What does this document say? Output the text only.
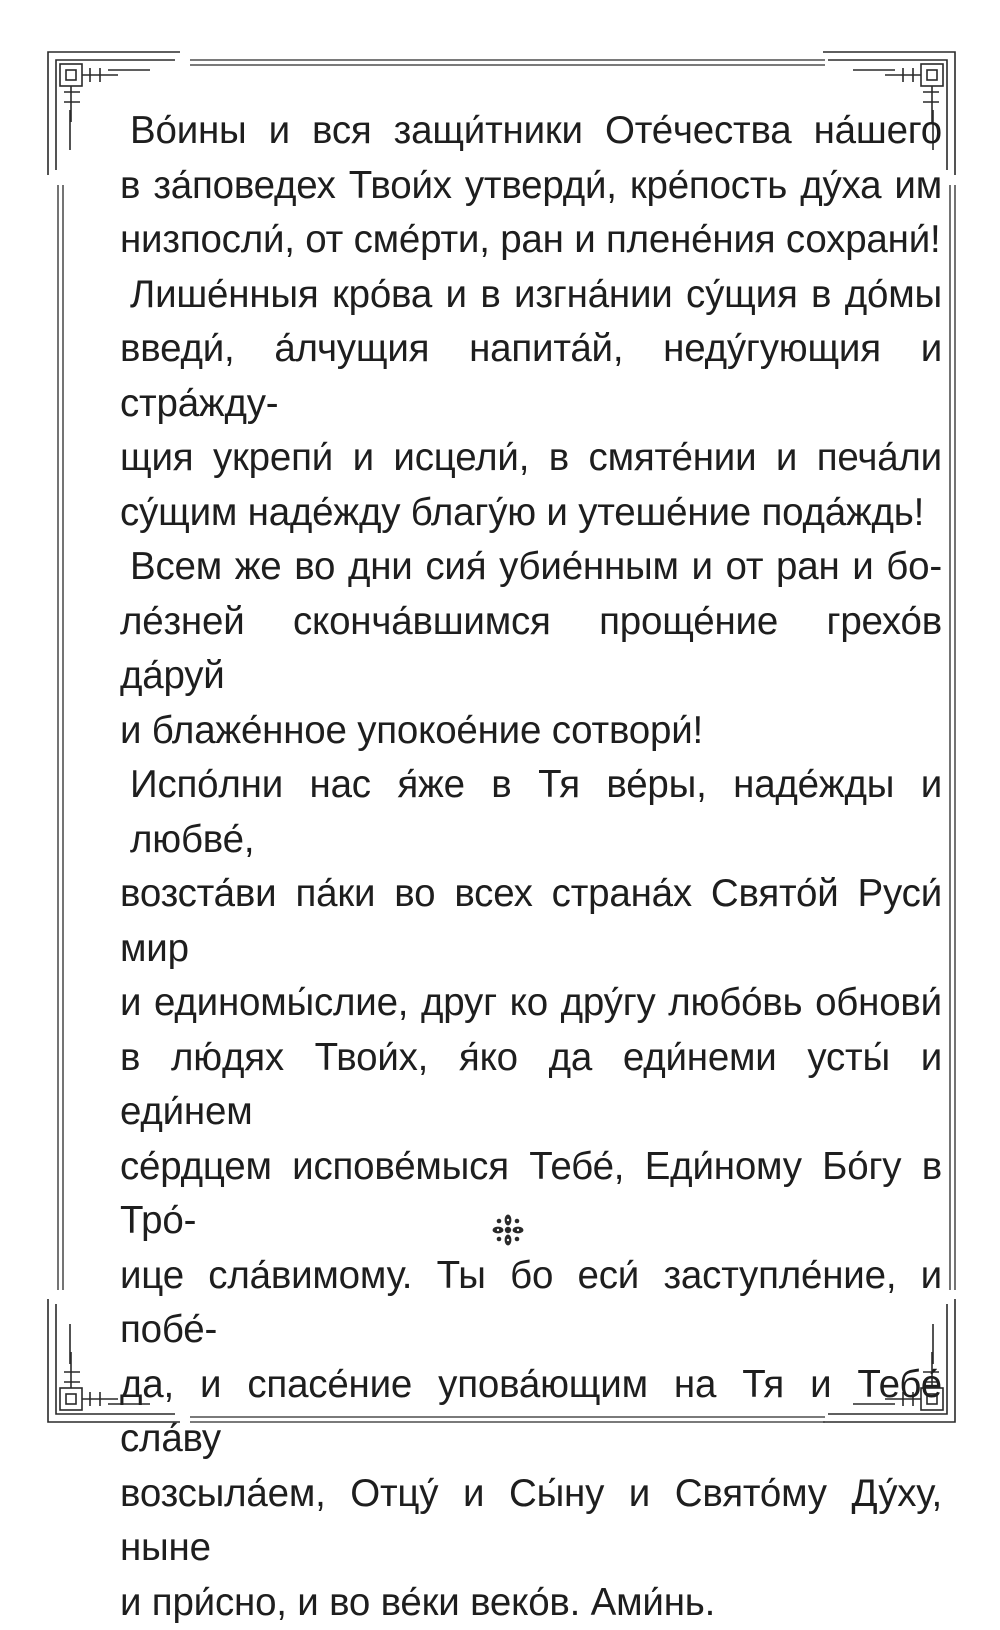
Во́ины и вся защи́тники Оте́чества на́шего
в за́поведех Твои́х утверди́, кре́пость ду́ха им
низпосли́, от сме́рти, ран и плене́ния сохрани́!
Лише́нныя кро́ва и в изгна́нии су́щия в до́мы
введи́, а́лчущия напита́й, неду́гующия и стра́жду-
щия укрепи́ и исцели́, в смяте́нии и печа́ли
су́щим наде́жду благу́ю и утеше́ние пода́ждь!
Всем же во дни сия́ убие́нным и от ран и бо-
ле́зней сконча́вшимся проще́ние грехо́в да́руй
и блаже́нное упокое́ние сотвори́!
Испо́лни нас я́же в Тя ве́ры, наде́жды и любве́,
возста́ви па́ки во всех страна́х Свято́й Руси́ мир
и единомы́слие, друг ко дру́гу любо́вь обнови́
в лю́дях Твои́х, я́ко да еди́неми усты́ и еди́нем
се́рдцем испове́мыся Тебе́, Еди́ному Бо́гу в Тро́-
ице сла́вимому. Ты бо еси́ заступле́ние, и побе́-
да, и спасе́ние упова́ющим на Тя и Тебе́ сла́ву
возсыла́ем, Отцу́ и Сы́ну и Свято́му Ду́ху, ныне
и при́сно, и во ве́ки веко́в. Ами́нь.
